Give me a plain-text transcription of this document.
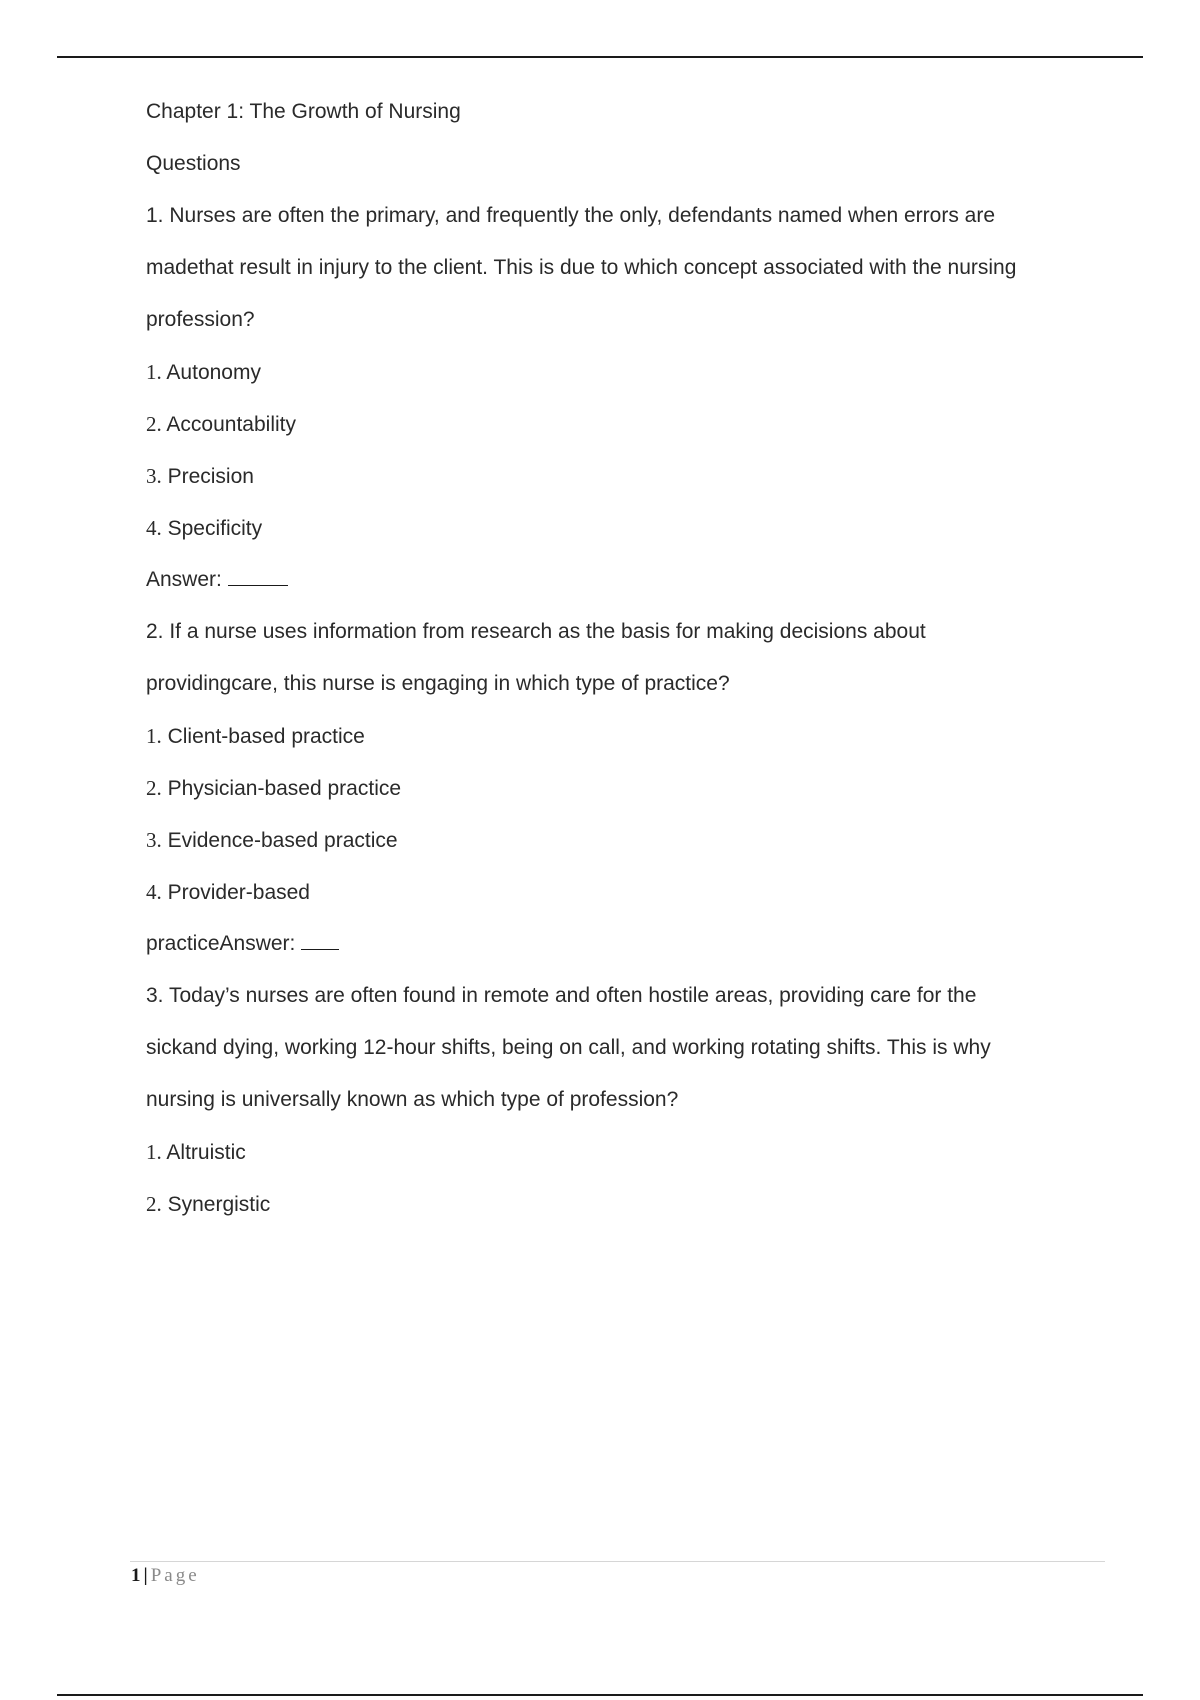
Chapter 1: The Growth of Nursing
Questions
1. Nurses are often the primary, and frequently the only, defendants named when errors are
madethat result in injury to the client. This is due to which concept associated with the nursing
profession?
1. Autonomy
2. Accountability
3. Precision
4. Specificity
Answer:
2. If a nurse uses information from research as the basis for making decisions about
providingcare, this nurse is engaging in which type of practice?
1. Client-based practice
2. Physician-based practice
3. Evidence-based practice
4. Provider-based
practiceAnswer:
3. Today’s nurses are often found in remote and often hostile areas, providing care for the
sickand dying, working 12-hour shifts, being on call, and working rotating shifts. This is why
nursing is universally known as which type of profession?
1. Altruistic
2. Synergistic
1 | Page
